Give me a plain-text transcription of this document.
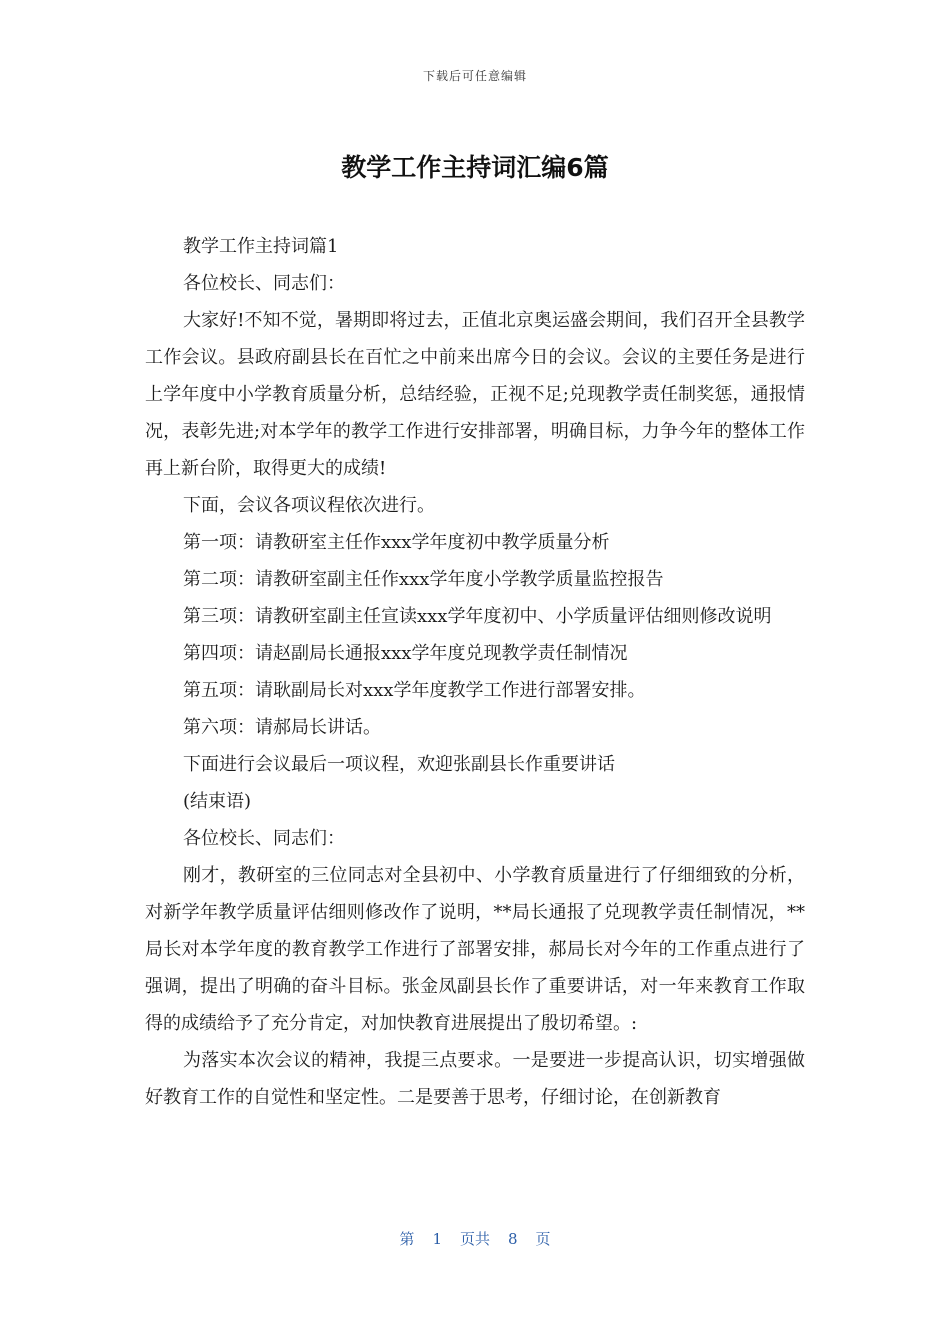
下载后可任意编辑
教学工作主持词汇编6篇

教学工作主持词篇1

各位校长、同志们：

大家好!不知不觉，暑期即将过去，正值北京奥运盛会期间，我们召开全县教学工作会议。县政府副县长在百忙之中前来出席今日的会议。会议的主要任务是进行上学年度中小学教育质量分析，总结经验，正视不足;兑现教学责任制奖惩，通报情况，表彰先进;对本学年的教学工作进行安排部署，明确目标，力争今年的整体工作再上新台阶，取得更大的成绩!

下面，会议各项议程依次进行。

第一项：请教研室主任作xxx学年度初中教学质量分析

第二项：请教研室副主任作xxx学年度小学教学质量监控报告

第三项：请教研室副主任宣读xxx学年度初中、小学质量评估细则修改说明

第四项：请赵副局长通报xxx学年度兑现教学责任制情况

第五项：请耿副局长对xxx学年度教学工作进行部署安排。

第六项：请郝局长讲话。

下面进行会议最后一项议程，欢迎张副县长作重要讲话

(结束语)

各位校长、同志们：

刚才，教研室的三位同志对全县初中、小学教育质量进行了仔细细致的分析，对新学年教学质量评估细则修改作了说明，**局长通报了兑现教学责任制情况，**局长对本学年度的教育教学工作进行了部署安排，郝局长对今年的工作重点进行了强调，提出了明确的奋斗目标。张金凤副县长作了重要讲话，对一年来教育工作取得的成绩给予了充分肯定，对加快教育进展提出了殷切希望。:

为落实本次会议的精神，我提三点要求。一是要进一步提高认识，切实增强做好教育工作的自觉性和坚定性。二是要善于思考，仔细讨论，在创新教育

第 1 页共 8 页
